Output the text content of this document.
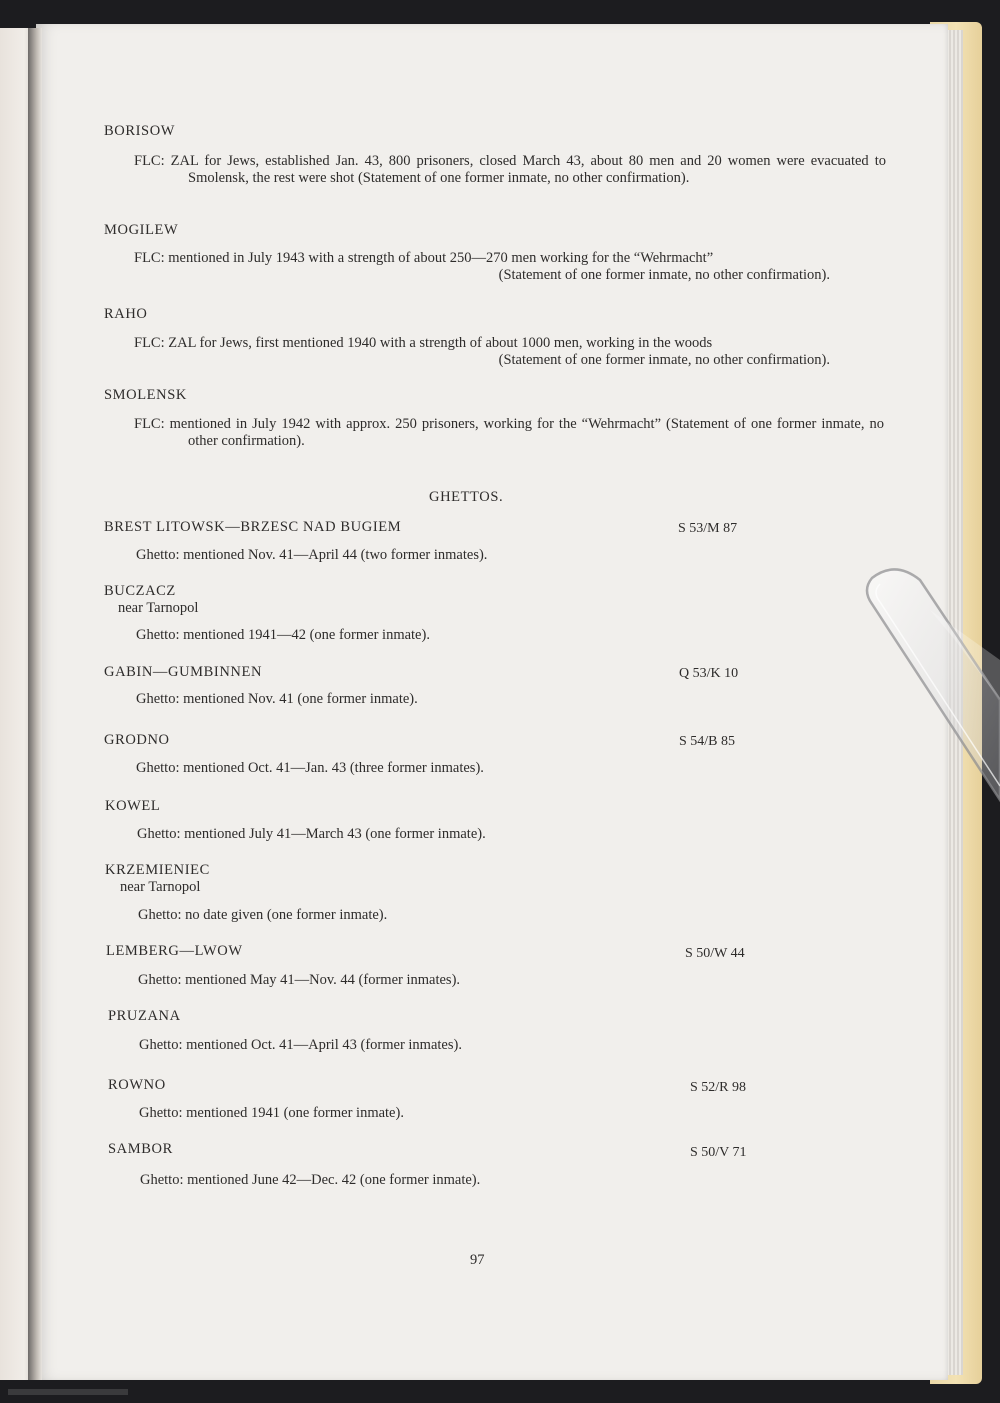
BORISOW
FLC: ZAL for Jews, established Jan. 43, 800 prisoners, closed March 43, about 80 men and 20 women were evacuated to Smolensk, the rest were shot (Statement of one former inmate, no other confirmation).
MOGILEW
FLC: mentioned in July 1943 with a strength of about 250—270 men working for the “Wehrmacht”
(Statement of one former inmate, no other confirmation).
RAHO
FLC: ZAL for Jews, first mentioned 1940 with a strength of about 1000 men, working in the woods
(Statement of one former inmate, no other confirmation).
SMOLENSK
FLC: mentioned in July 1942 with approx. 250 prisoners, working for the “Wehrmacht” (Statement of one former inmate, no other confirmation).
GHETTOS.
BREST LITOWSK—BRZESC NAD BUGIEM	S 53/M 87
Ghetto: mentioned Nov. 41—April 44 (two former inmates).
BUCZACZ
near Tarnopol
Ghetto: mentioned 1941—42 (one former inmate).
GABIN—GUMBINNEN	Q 53/K 10
Ghetto: mentioned Nov. 41 (one former inmate).
GRODNO	S 54/B 85
Ghetto: mentioned Oct. 41—Jan. 43 (three former inmates).
KOWEL
Ghetto: mentioned July 41—March 43 (one former inmate).
KRZEMIENIEC
near Tarnopol
Ghetto: no date given (one former inmate).
LEMBERG—LWOW	S 50/W 44
Ghetto: mentioned May 41—Nov. 44 (former inmates).
PRUZANA
Ghetto: mentioned Oct. 41—April 43 (former inmates).
ROWNO	S 52/R 98
Ghetto: mentioned 1941 (one former inmate).
SAMBOR	S 50/V 71
Ghetto: mentioned June 42—Dec. 42 (one former inmate).
97
